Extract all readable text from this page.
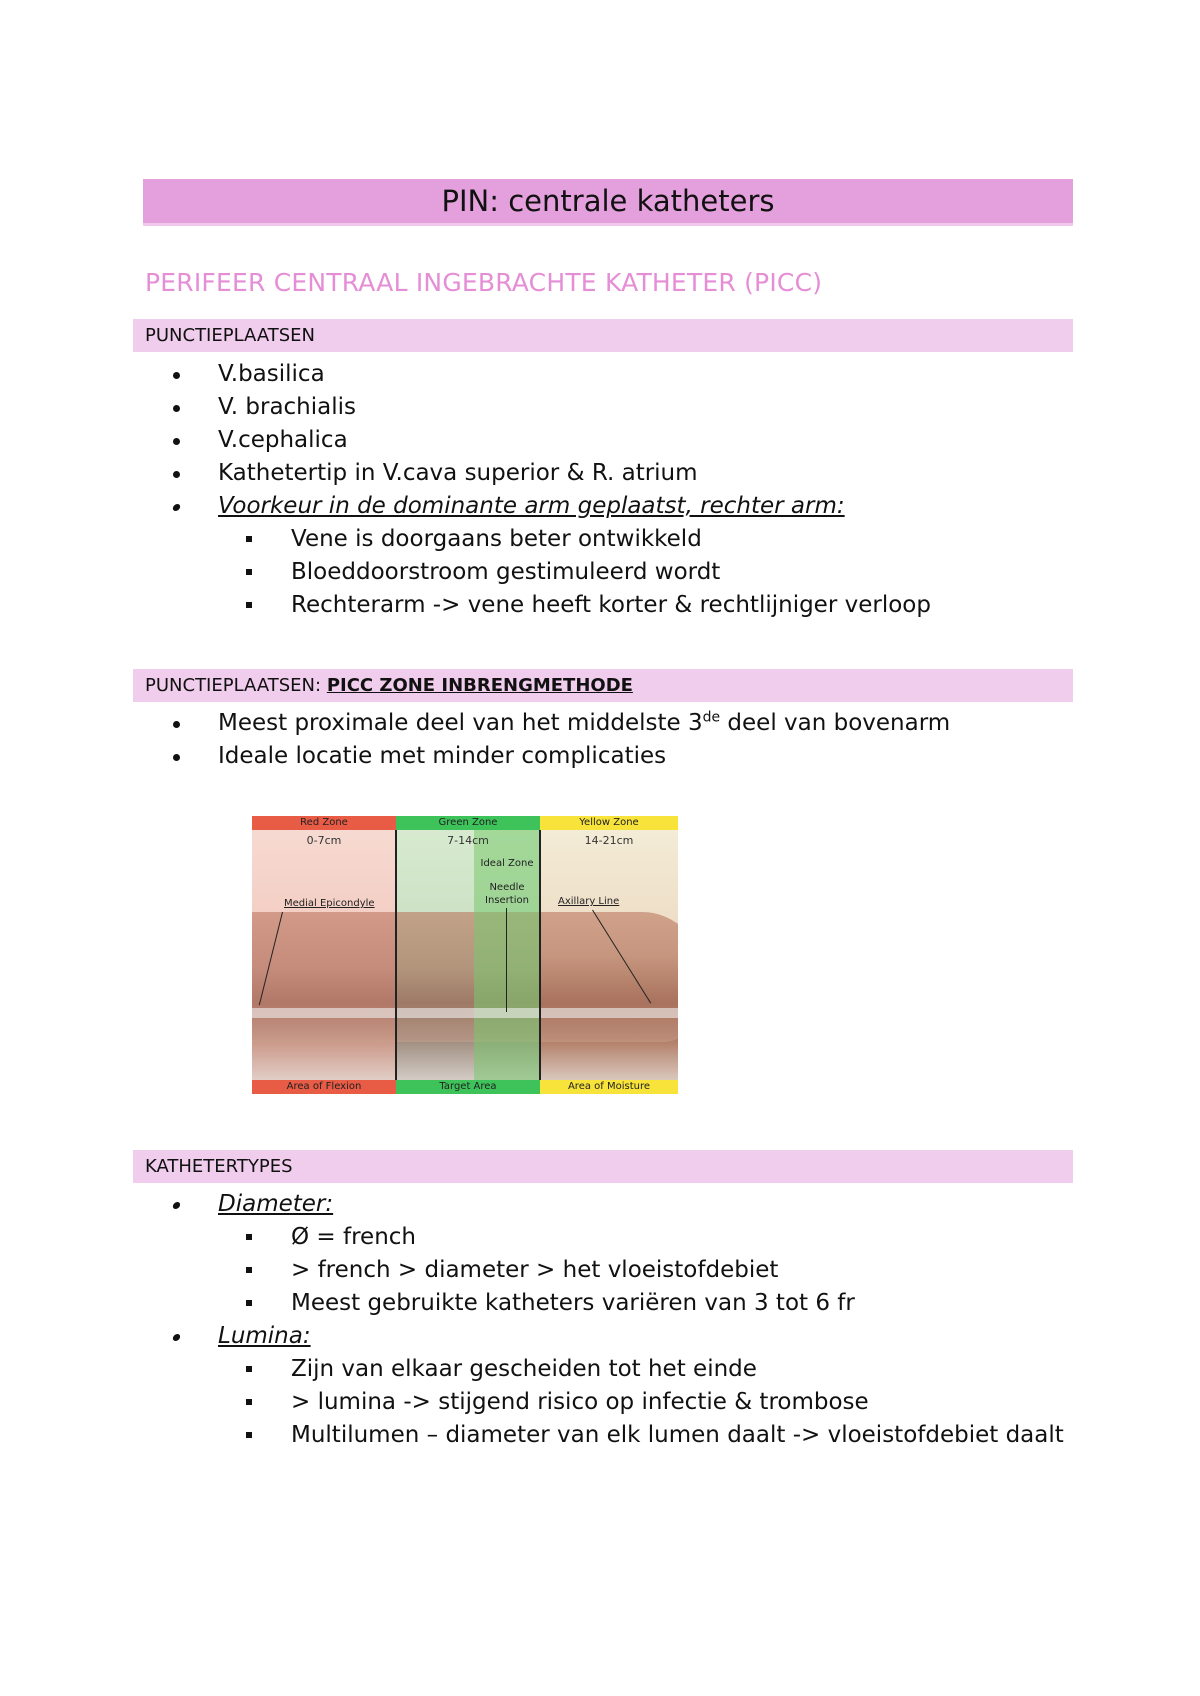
PIN: centrale katheters
PERIFEER CENTRAAL INGEBRACHTE KATHETER (PICC)
PUNCTIEPLAATSEN
V.basilica
V. brachialis
V.cephalica
Kathetertip in V.cava superior & R. atrium
Voorkeur in de dominante arm geplaatst, rechter arm:
Vene is doorgaans beter ontwikkeld
Bloeddoorstroom gestimuleerd wordt
Rechterarm -> vene heeft korter & rechtlijniger verloop
PUNCTIEPLAATSEN: PICC ZONE INBRENGMETHODE
Meest proximale deel van het middelste 3de deel van bovenarm
Ideale locatie met minder complicaties
Red Zone	Green Zone	Yellow Zone
0-7cm	7-14cm	14-21cm
Ideal Zone
Needle
Insertion
Medial Epicondyle	Axillary Line
Area of Flexion	Target Area	Area of Moisture
KATHETERTYPES
Diameter:
Ø = french
> french > diameter > het vloeistofdebiet
Meest gebruikte katheters variëren van 3 tot 6 fr
Lumina:
Zijn van elkaar gescheiden tot het einde
> lumina -> stijgend risico op infectie & trombose
Multilumen – diameter van elk lumen daalt -> vloeistofdebiet daalt
